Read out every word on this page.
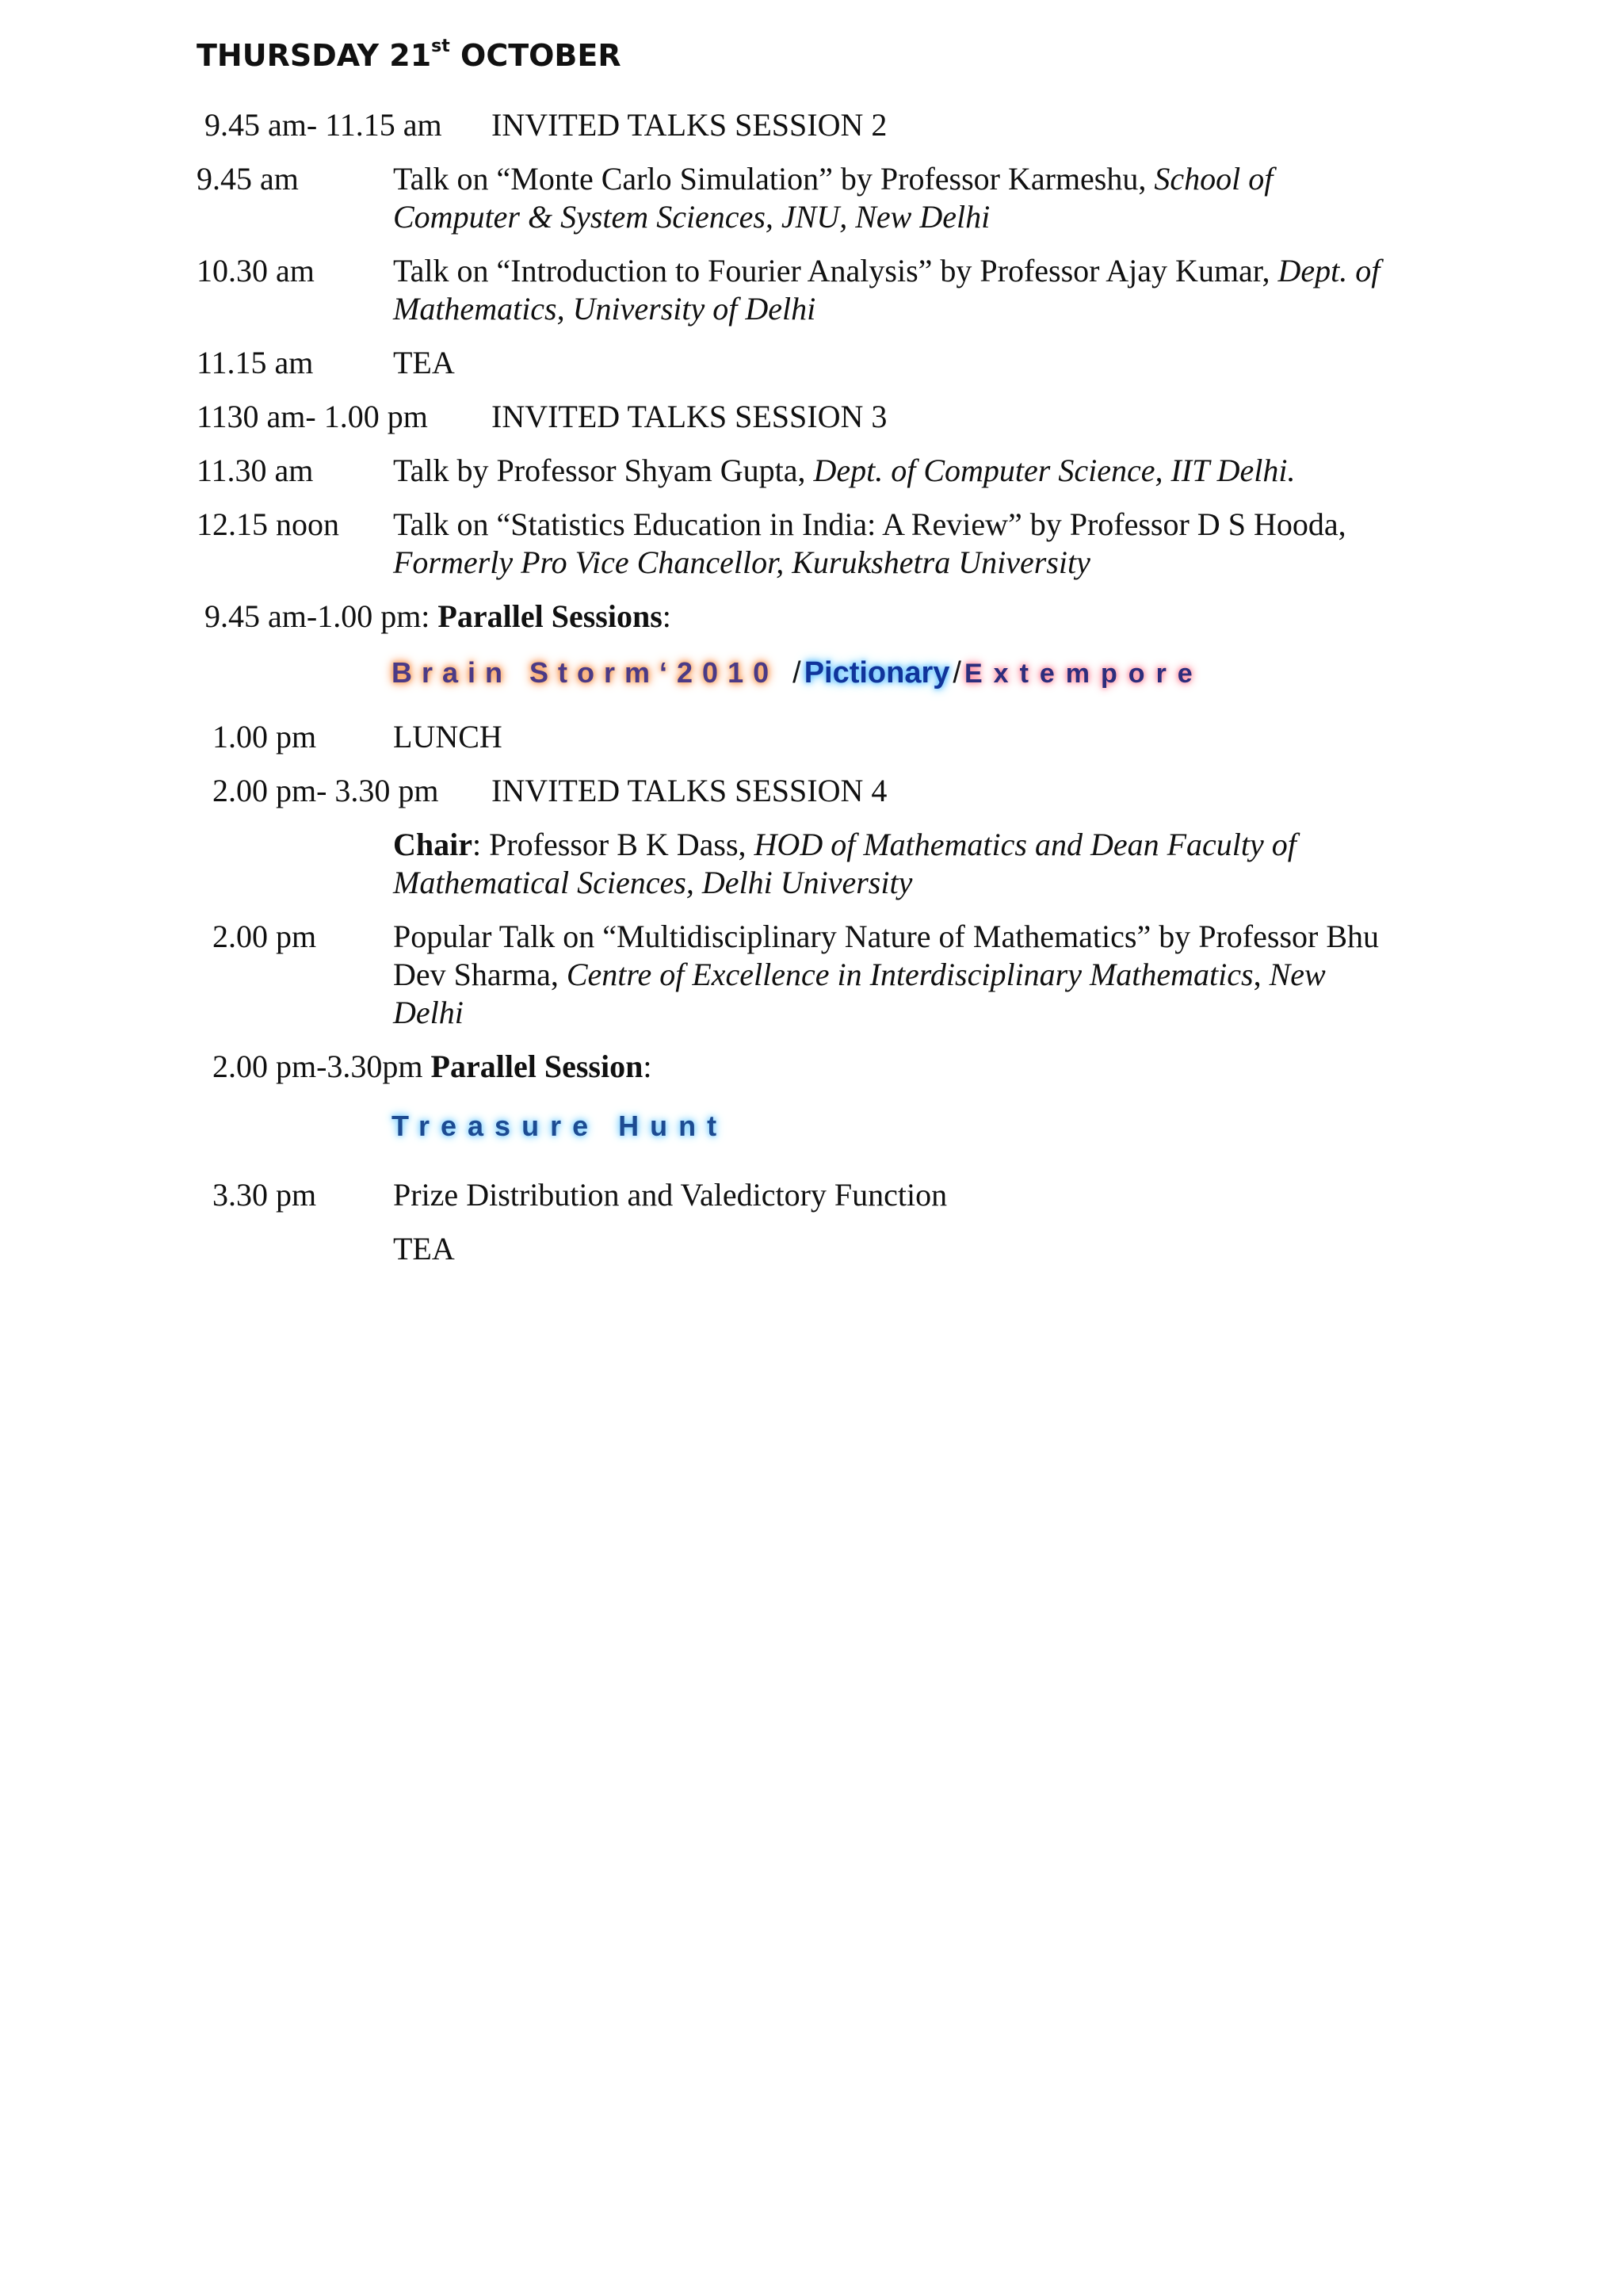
THURSDAY 21st OCTOBER
9.45 am- 11.15 am INVITED TALKS SESSION 2
9.45 am	Talk on “Monte Carlo Simulation” by Professor Karmeshu, School of
Computer & System Sciences, JNU, New Delhi
10.30 am Talk on “Introduction to Fourier Analysis” by Professor Ajay Kumar, Dept. of
Mathematics, University of Delhi
11.15 am	TEA
1130 am- 1.00 pm INVITED TALKS SESSION 3
11.30 am	Talk by Professor Shyam Gupta, Dept. of Computer Science, IIT Delhi.
12.15 noon Talk on “Statistics Education in India: A Review” by Professor D S Hooda,
Formerly Pro Vice Chancellor, Kurukshetra University
9.45 am-1.00 pm: Parallel Sessions:
Brain Storm‘2010 / Pictionary / Extempore
1.00 pm LUNCH
2.00 pm- 3.30 pm INVITED TALKS SESSION 4
Chair: Professor B K Dass, HOD of Mathematics and Dean Faculty of
Mathematical Sciences, Delhi University
2.00 pm Popular Talk on “Multidisciplinary Nature of Mathematics” by Professor Bhu
Dev Sharma, Centre of Excellence in Interdisciplinary Mathematics, New
Delhi
2.00 pm-3.30pm Parallel Session:
Treasure Hunt
3.30 pm Prize Distribution and Valedictory Function
TEA
